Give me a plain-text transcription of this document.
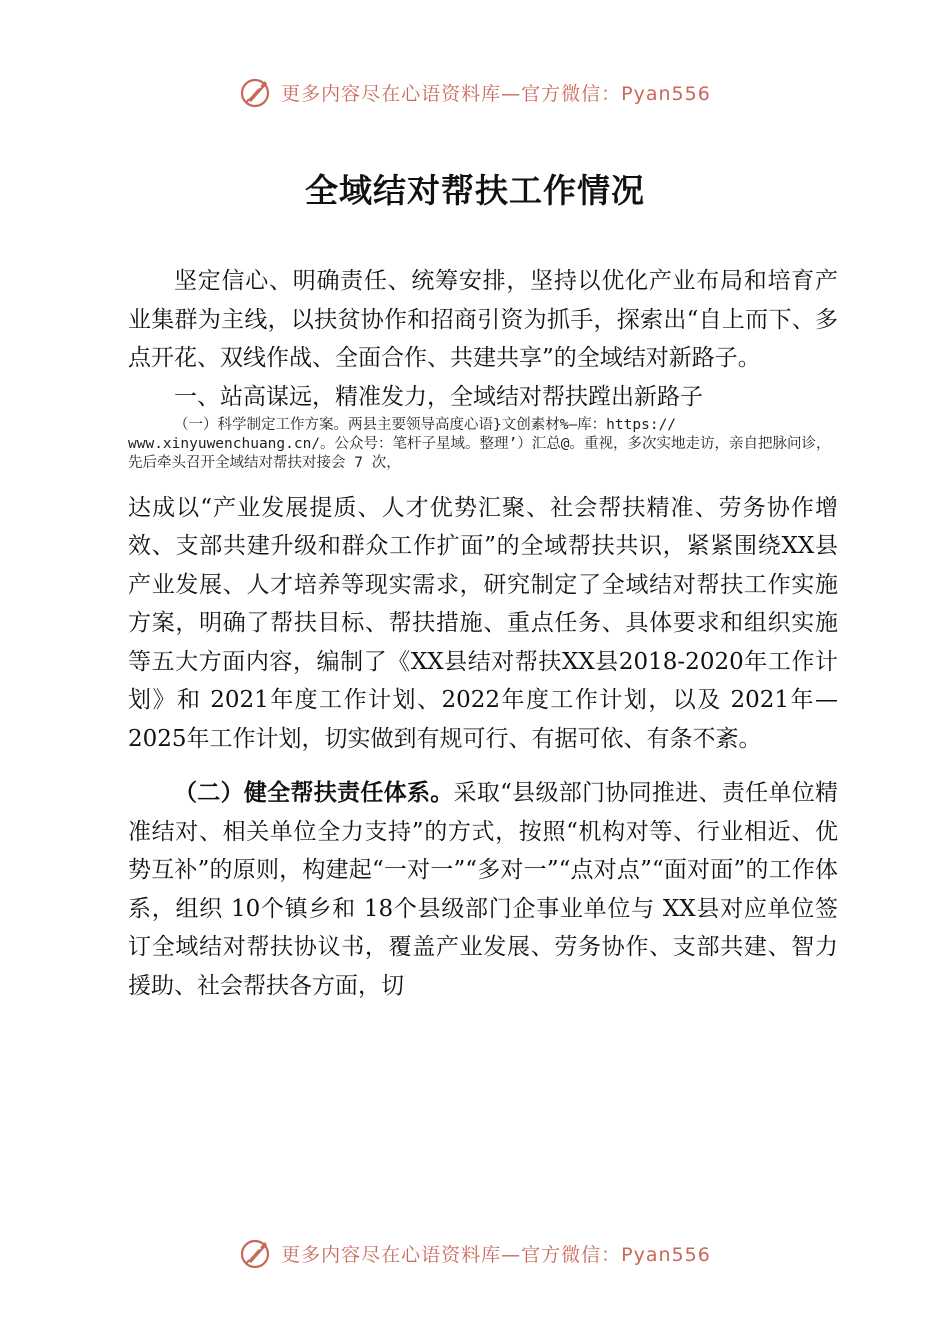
更多内容尽在心语资料库—官方微信：Pyan556
全域结对帮扶工作情况

坚定信心、明确责任、统筹安排，坚持以优化产业布局和培育产业集群为主线，以扶贫协作和招商引资为抓手，探索出“自上而下、多点开花、双线作战、全面合作、共建共享”的全域结对新路子。

一、站高谋远，精准发力，全域结对帮扶蹚出新路子

（一）科学制定工作方案。两县主要领导高度心语}文创素材%—库：https:// www.xinyuwenchuang.cn/。公众号：笔杆子星域。整理’）汇总@。重视，多次实地走访，亲自把脉问诊，先后牵头召开全域结对帮扶对接会 7 次，

达成以“产业发展提质、人才优势汇聚、社会帮扶精准、劳务协作增效、支部共建升级和群众工作扩面”的全域帮扶共识，紧紧围绕XX县产业发展、人才培养等现实需求，研究制定了全域结对帮扶工作实施方案，明确了帮扶目标、帮扶措施、重点任务、具体要求和组织实施等五大方面内容，编制了《XX县结对帮扶XX县2018-2020年工作计划》和 2021年度工作计划、2022年度工作计划，以及 2021年—2025年工作计划，切实做到有规可行、有据可依、有条不紊。

（二）健全帮扶责任体系。采取“县级部门协同推进、责任单位精准结对、相关单位全力支持”的方式，按照“机构对等、行业相近、优势互补”的原则，构建起“一对一”“多对一”“点对点”“面对面”的工作体系，组织 10个镇乡和 18个县级部门企事业单位与 XX县对应单位签订全域结对帮扶协议书，覆盖产业发展、劳务协作、支部共建、智力援助、社会帮扶各方面，切

更多内容尽在心语资料库—官方微信：Pyan556
